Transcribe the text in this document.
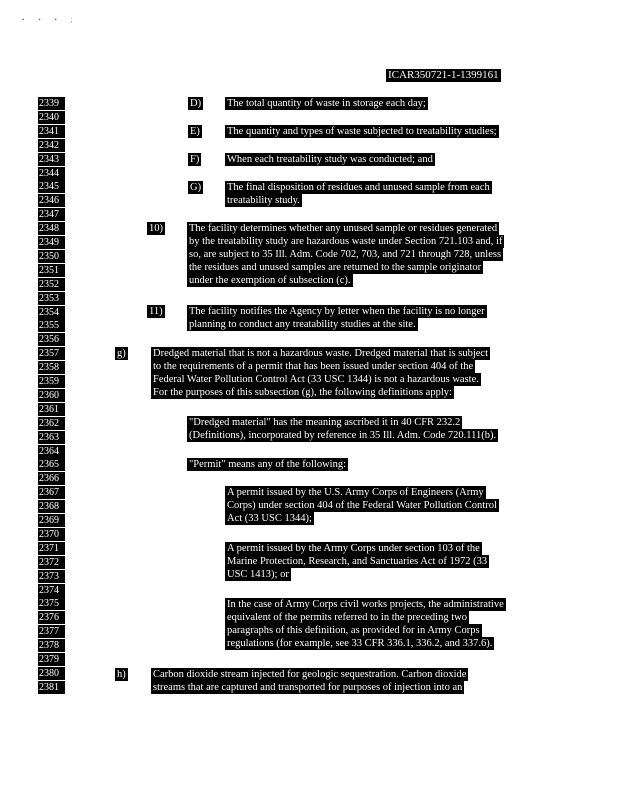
• • • ;
ICAR350721-1-1399161
2339
2340
2341
2342
2343
2344
2345
2346
2347
2348
2349
2350
2351
2352
2353
2354
2355
2356
2357
2358
2359
2360
2361
2362
2363
2364
2365
2366
2367
2368
2369
2370
2371
2372
2373
2374
2375
2376
2377
2378
2379
2380
2381
D) The total quantity of waste in storage each day;
E)	The quantity and types of waste subjected to treatability studies;
F)	When each treatability study was conducted; and
G) The final disposition of residues and unused sample from each
treatability study.
10) The facility determines whether any unused sample or residues generated
by the treatability study are hazardous waste under Section 721.103 and, if
so, are subject to 35 Ill. Adm. Code 702, 703, and 721 through 728, unless
the residues and unused samples are returned to the sample originator
under the exemption of subsection (c).
11)	The facility notifies the Agency by letter when the facility is no longer
planning to conduct any treatability studies at the site.
g)	Dredged material that is not a hazardous waste. Dredged material that is subject
to the requirements of a permit that has been issued under section 404 of the
Federal Water Pollution Control Act (33 USC 1344) is not a hazardous waste.
For the purposes of this subsection (g), the following definitions apply:
"Dredged material" has the meaning ascribed it in 40 CFR 232.2
(Definitions), incorporated by reference in 35 Ill. Adm. Code 720.111(b).
"Permit" means any of the following:
A permit issued by the U.S. Army Corps of Engineers (Army
Corps) under section 404 of the Federal Water Pollution Control
Act (33 USC 1344);
A permit issued by the Army Corps under section 103 of the
Marine Protection, Research, and Sanctuaries Act of 1972 (33
USC 1413); or
In the case of Army Corps civil works projects, the administrative
equivalent of the permits referred to in the preceding two
paragraphs of this definition, as provided for in Army Corps
regulations (for example, see 33 CFR 336.1, 336.2, and 337.6).
h)	Carbon dioxide stream injected for geologic sequestration. Carbon dioxide
streams that are captured and transported for purposes of injection into an
